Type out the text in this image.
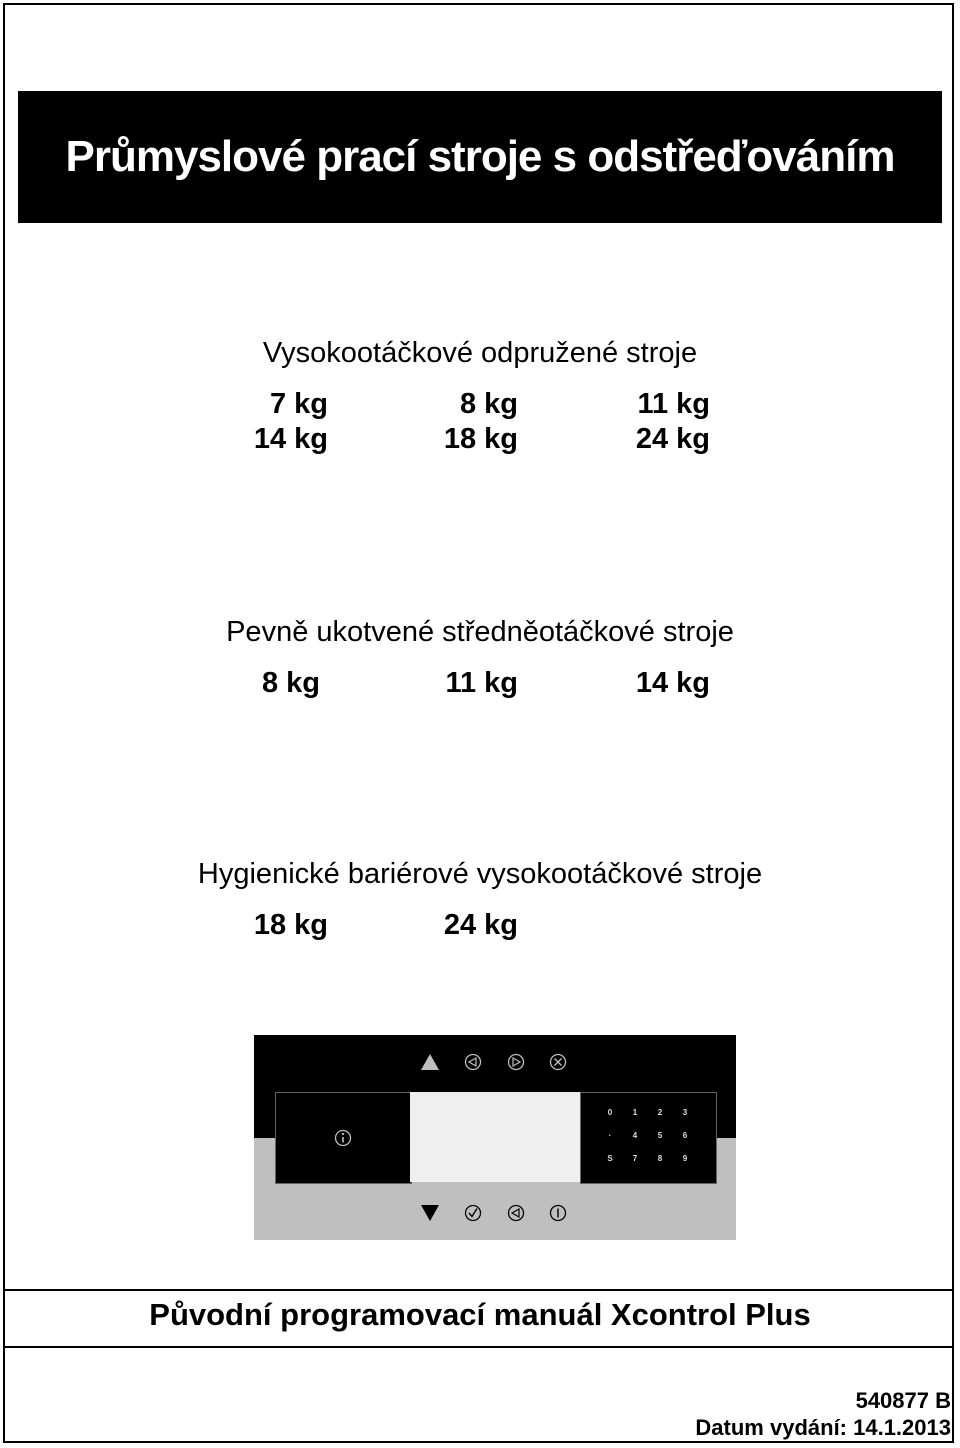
Průmyslové prací stroje s odstřeďováním
Vysokootáčkové odpružené stroje
7 kg	8 kg	11 kg
14 kg	18 kg	24 kg
Pevně ukotvené středněotáčkové stroje
8 kg	11 kg	14 kg
Hygienické bariérové vysokootáčkové stroje
18 kg	24 kg
0	1	2	3
·	4	5	6
S	7	8	9
Původní programovací manuál Xcontrol Plus
540877 B
Datum vydání: 14.1.2013
